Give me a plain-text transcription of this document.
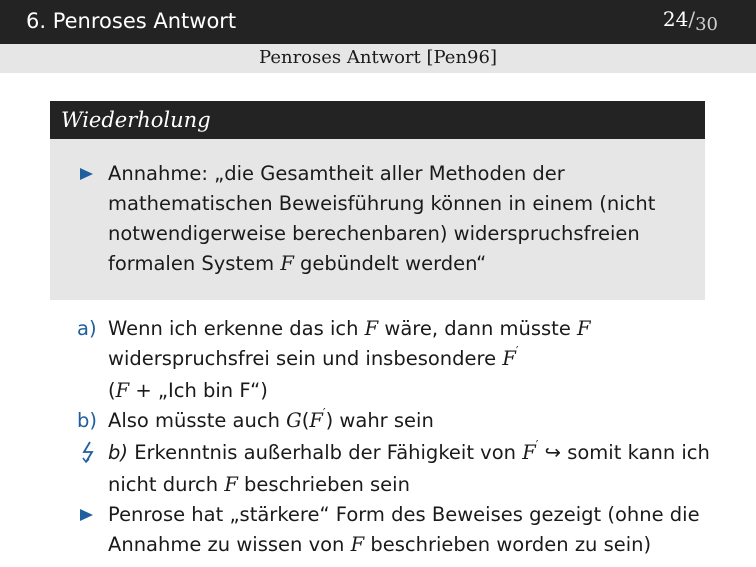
6. Penroses Antwort	24/30
Penroses Antwort [Pen96]
Wiederholung
Annahme: „die Gesamtheit aller Methoden der mathematischen Beweisführung können in einem (nicht notwendigerweise berechenbaren) widerspruchsfreien formalen System F gebündelt werden“
a) Wenn ich erkenne das ich F wäre, dann müsste F widerspruchsfrei sein und insbesondere F′
(F + „Ich bin F“)
b) Also müsste auch G(F′) wahr sein
b) Erkenntnis außerhalb der Fähigkeit von F′ ↪ somit kann ich nicht durch F beschrieben sein
Penrose hat „stärkere“ Form des Beweises gezeigt (ohne die Annahme zu wissen von F beschrieben worden zu sein)
